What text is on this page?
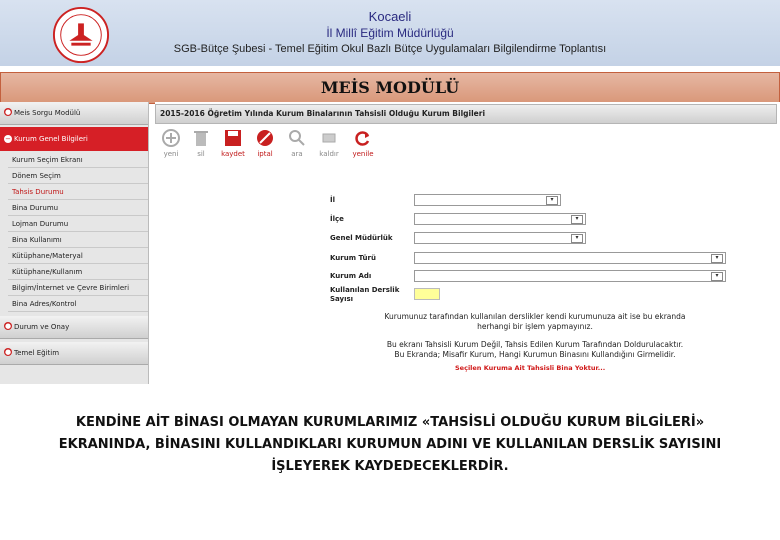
Kocaeli
İl Millî Eğitim Müdürlüğü
SGB-Bütçe Şubesi - Temel Eğitim Okul Bazlı Bütçe Uygulamaları Bilgilendirme Toplantısı
MEİS MODÜLÜ
● Meis Sorgu Modülü
− Kurum Genel Bilgileri
Kurum Seçim Ekranı
Dönem Seçim
Tahsis Durumu
Bina Durumu
Lojman Durumu
Bina Kullanımı
Kütüphane/Materyal
Kütüphane/Kullanım
Bilgim/İnternet ve Çevre Birimleri
Bina Adres/Kontrol
● Durum ve Onay
● Temel Eğitim
2015-2016 Öğretim Yılında Kurum Binalarının Tahsisli Olduğu Kurum Bilgileri
yeni	sil	kaydet	iptal	ara	kaldır	yenile
İl	▾
İlçe	▾
Genel Müdürlük	▾
Kurum Türü	▾
Kurum Adı	▾
Kullanılan Derslik Sayısı
Kurumunuz tarafından kullanılan derslikler kendi kurumunuza ait ise bu ekranda
herhangi bir işlem yapmayınız.
Bu ekranı Tahsisli Kurum Değil, Tahsis Edilen Kurum Tarafından Doldurulacaktır.
Bu Ekranda; Misafir Kurum, Hangi Kurumun Binasını Kullandığını Girmelidir.
Seçilen Kuruma Ait Tahsisli Bina Yoktur...
KENDİNE AİT BİNASI OLMAYAN KURUMLARIMIZ «TAHSİSLİ OLDUĞU KURUM BİLGİLERİ»
EKRANINDA, BİNASINI KULLANDIKLARI KURUMUN ADINI VE KULLANILAN DERSLİK SAYISINI
İŞLEYEREK KAYDEDECEKLERDİR.
